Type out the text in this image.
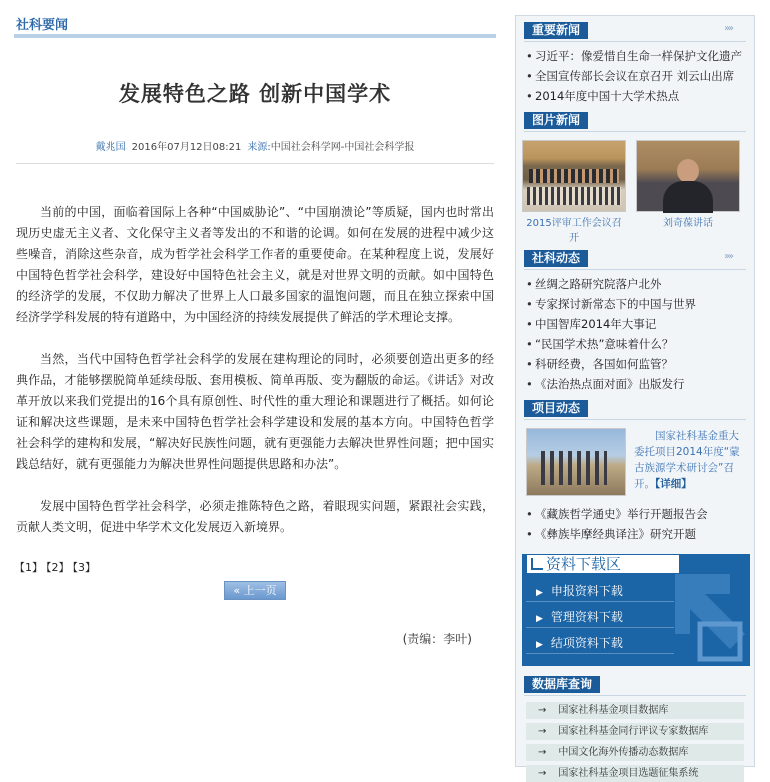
社科要闻
发展特色之路 创新中国学术
戴兆国 2016年07月12日08:21 来源:中国社会科学网-中国社会科学报

当前的中国，面临着国际上各种“中国威胁论”、“中国崩溃论”等质疑，国内也时常出现历史虚无主义者、文化保守主义者等发出的不和谐的论调。如何在发展的进程中减少这些噪音，消除这些杂音，成为哲学社会科学工作者的重要使命。在某种程度上说，发展好中国特色哲学社会科学，建设好中国特色社会主义，就是对世界文明的贡献。如中国特色的经济学的发展，不仅助力解决了世界上人口最多国家的温饱问题，而且在独立探索中国经济学学科发展的特有道路中，为中国经济的持续发展提供了鲜活的学术理论支撑。

当然，当代中国特色哲学社会科学的发展在建构理论的同时，必须要创造出更多的经典作品，才能够摆脱简单延续母版、套用模板、简单再版、变为翻版的命运。《讲话》对改革开放以来我们党提出的16个具有原创性、时代性的重大理论和课题进行了概括。如何论证和解决这些课题，是未来中国特色哲学社会科学建设和发展的基本方向。中国特色哲学社会科学的建构和发展，“解决好民族性问题，就有更强能力去解决世界性问题；把中国实践总结好，就有更强能力为解决世界性问题提供思路和办法”。

发展中国特色哲学社会科学，必须走推陈特色之路，着眼现实问题，紧跟社会实践，贡献人类文明，促进中华学术文化发展迈入新境界。

【1】 【2】 【3】
« 上一页
(责编：李叶)
重要新闻	››››
• 习近平：像爱惜自生命一样保护文化遗产
• 全国宣传部长会议在京召开 刘云山出席
• 2014年度中国十大学术热点
图片新闻
2015评审工作会议召开
刘奇葆讲话
社科动态	››››
• 丝绸之路研究院落户北外
• 专家探讨新常态下的中国与世界
• 中国智库2014年大事记
• “民国学术热”意味着什么？
• 科研经费，各国如何监管？
• 《法治热点面对面》出版发行
项目动态
国家社科基金重大委托项目2014年度“蒙古族源学术研讨会”召开。【详细】
• 《藏族哲学通史》举行开题报告会
• 《彝族毕摩经典译注》研究开题
资料下载区
▶ 申报资料下载
▶ 管理资料下载
▶ 结项资料下载
数据库查询
→ 国家社科基金项目数据库
→ 国家社科基金同行评议专家数据库
→ 中国文化海外传播动态数据库
→ 国家社科基金项目选题征集系统
